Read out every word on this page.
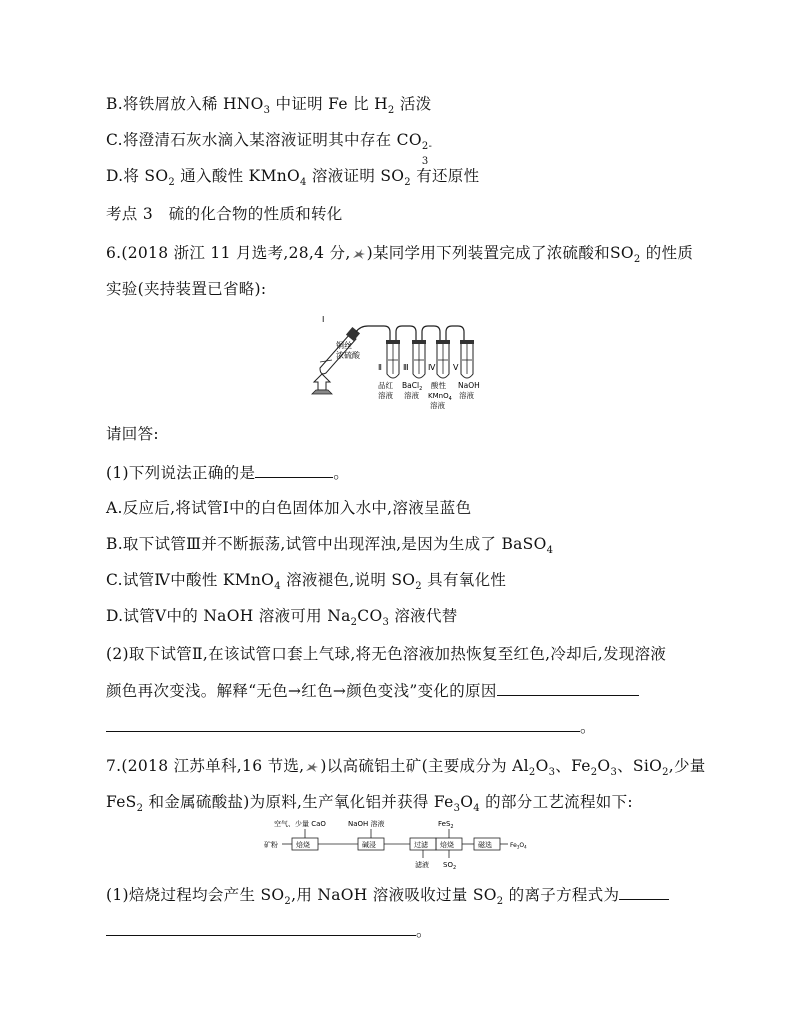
B.将铁屑放入稀 $HNO_3$ 中证明 Fe 比 $H_2$ 活泼
C.将澄清石灰水滴入某溶液证明其中存在 CO 2-
3
D.将 $SO_2$ 通入酸性 KMnO$_4$ 溶液证明 $SO_2$ 有还原性
考点 3　硫的化合物的性质和转化
6.(2018 浙江 11 月选考,28,4 分, )某同学用下列装置完成了浓硫酸和$SO_2$ 的性质
实验(夹持装置已省略):
Ⅰ
Ⅱ	Ⅲ Ⅳ Ⅴ
铜丝
浓硫酸
品红
溶液
BaCl$_2$
溶液
酸性
KMnO$_4$
溶液
NaOH
溶液
请回答:
(1)下列说法正确的是	。
A.反应后,将试管Ⅰ中的白色固体加入水中,溶液呈蓝色
B.取下试管Ⅲ并不断振荡,试管中出现浑浊,是因为生成了 BaSO$_4$
C.试管Ⅳ中酸性 KMnO$_4$ 溶液褪色,说明 $SO_2$ 具有氧化性
D.试管Ⅴ中的 NaOH 溶液可用 $Na_2CO_3$ 溶液代替
(2)取下试管Ⅱ,在该试管口套上气球,将无色溶液加热恢复至红色,冷却后,发现溶液
颜色再次变浅。解释“无色→红色→颜色变浅”变化的原因
。
7.(2018 江苏单科,16 节选, )以高硫铝土矿(主要成分为 $Al_2O_3$、$Fe_2O_3$、SiO$_2$,少量
FeS$_2$ 和金属硫酸盐)为原料,生产氧化铝并获得 $Fe_3O_4$ 的部分工艺流程如下:
空气、少量 CaO	NaOH 溶液	FeS$_2$
矿粉	焙烧	碱浸	过滤 焙烧	磁选	$Fe_3O_4$
滤液 $SO_2$
(1)焙烧过程均会产生 $SO_2$,用 NaOH 溶液吸收过量 $SO_2$ 的离子方程式为
。
